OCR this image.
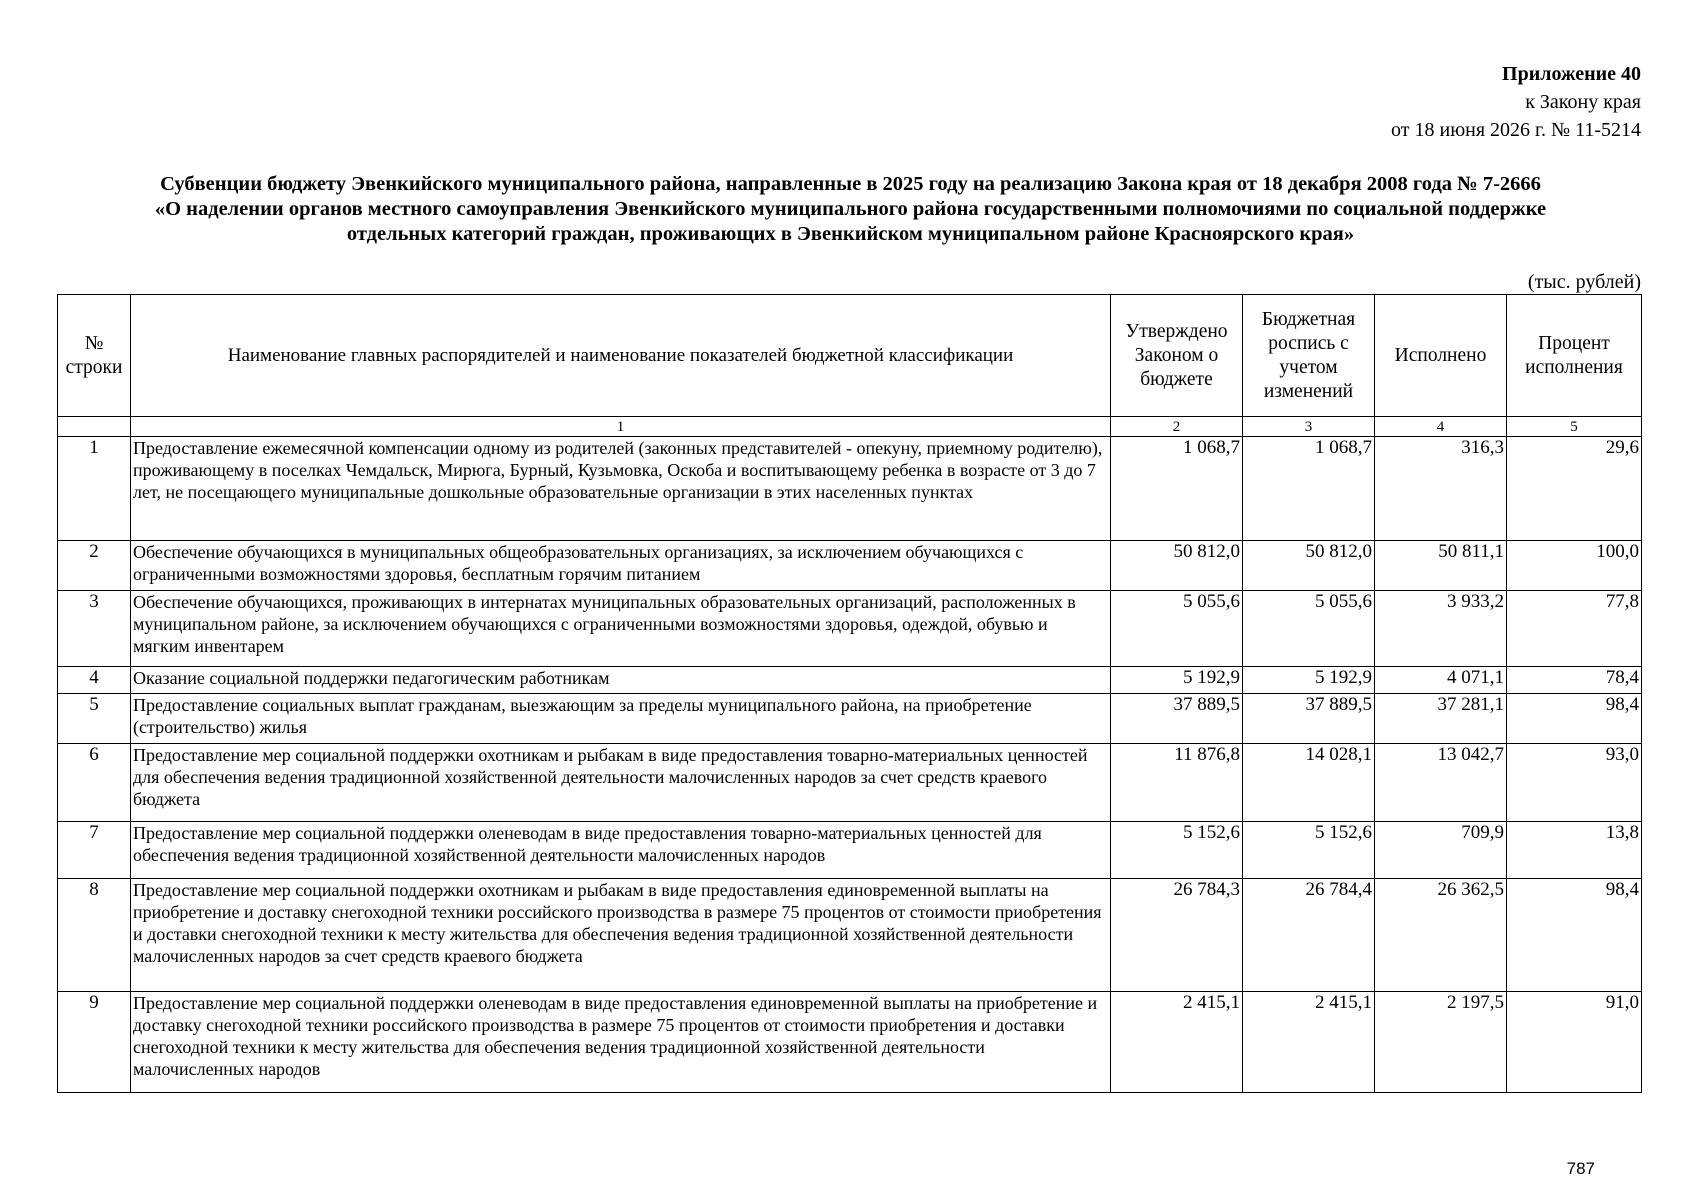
Приложение 40
к Закону края
от 18 июня 2026 г. № 11-5214
Субвенции бюджету Эвенкийского муниципального района, направленные в 2025 году на реализацию Закона края от 18 декабря 2008 года № 7-2666
«О наделении органов местного самоуправления Эвенкийского муниципального района государственными полномочиями по социальной поддержке
отдельных категорий граждан, проживающих в Эвенкийском муниципальном районе Красноярского края»
(тыс. рублей)
№ строки	Наименование главных распорядителей и наименование показателей бюджетной классификации	Утверждено Законом о бюджете	Бюджетная роспись с учетом изменений	Исполнено	Процент исполнения
	1	2	3	4	5
1	Предоставление ежемесячной компенсации одному из родителей (законных представителей - опекуну, приемному родителю), проживающему в поселках Чемдальск, Мирюга, Бурный, Кузьмовка, Оскоба и воспитывающему ребенка в возрасте от 3 до 7 лет, не посещающего муниципальные дошкольные образовательные организации в этих населенных пунктах	1 068,7	1 068,7	316,3	29,6
2	Обеспечение обучающихся в муниципальных общеобразовательных организациях, за исключением обучающихся с ограниченными возможностями здоровья, бесплатным горячим питанием	50 812,0	50 812,0	50 811,1	100,0
3	Обеспечение обучающихся, проживающих в интернатах муниципальных образовательных организаций, расположенных в муниципальном районе, за исключением обучающихся с ограниченными возможностями здоровья, одеждой, обувью и мягким инвентарем	5 055,6	5 055,6	3 933,2	77,8
4	Оказание социальной поддержки педагогическим работникам	5 192,9	5 192,9	4 071,1	78,4
5	Предоставление социальных выплат гражданам, выезжающим за пределы муниципального района, на приобретение (строительство) жилья	37 889,5	37 889,5	37 281,1	98,4
6	Предоставление мер социальной поддержки охотникам и рыбакам в виде предоставления товарно-материальных ценностей для обеспечения ведения традиционной хозяйственной деятельности малочисленных народов за счет средств краевого бюджета	11 876,8	14 028,1	13 042,7	93,0
7	Предоставление мер социальной поддержки оленеводам в виде предоставления товарно-материальных ценностей для обеспечения ведения традиционной хозяйственной деятельности малочисленных народов	5 152,6	5 152,6	709,9	13,8
8	Предоставление мер социальной поддержки охотникам и рыбакам в виде предоставления единовременной выплаты на приобретение и доставку снегоходной техники российского производства в размере 75 процентов от стоимости приобретения и доставки снегоходной техники к месту жительства для обеспечения ведения традиционной хозяйственной деятельности малочисленных народов за счет средств краевого бюджета	26 784,3	26 784,4	26 362,5	98,4
9	Предоставление мер социальной поддержки оленеводам в виде предоставления единовременной выплаты на приобретение и доставку снегоходной техники российского производства в размере 75 процентов от стоимости приобретения и доставки снегоходной техники к месту жительства для обеспечения ведения традиционной хозяйственной деятельности малочисленных народов	2 415,1	2 415,1	2 197,5	91,0
787
